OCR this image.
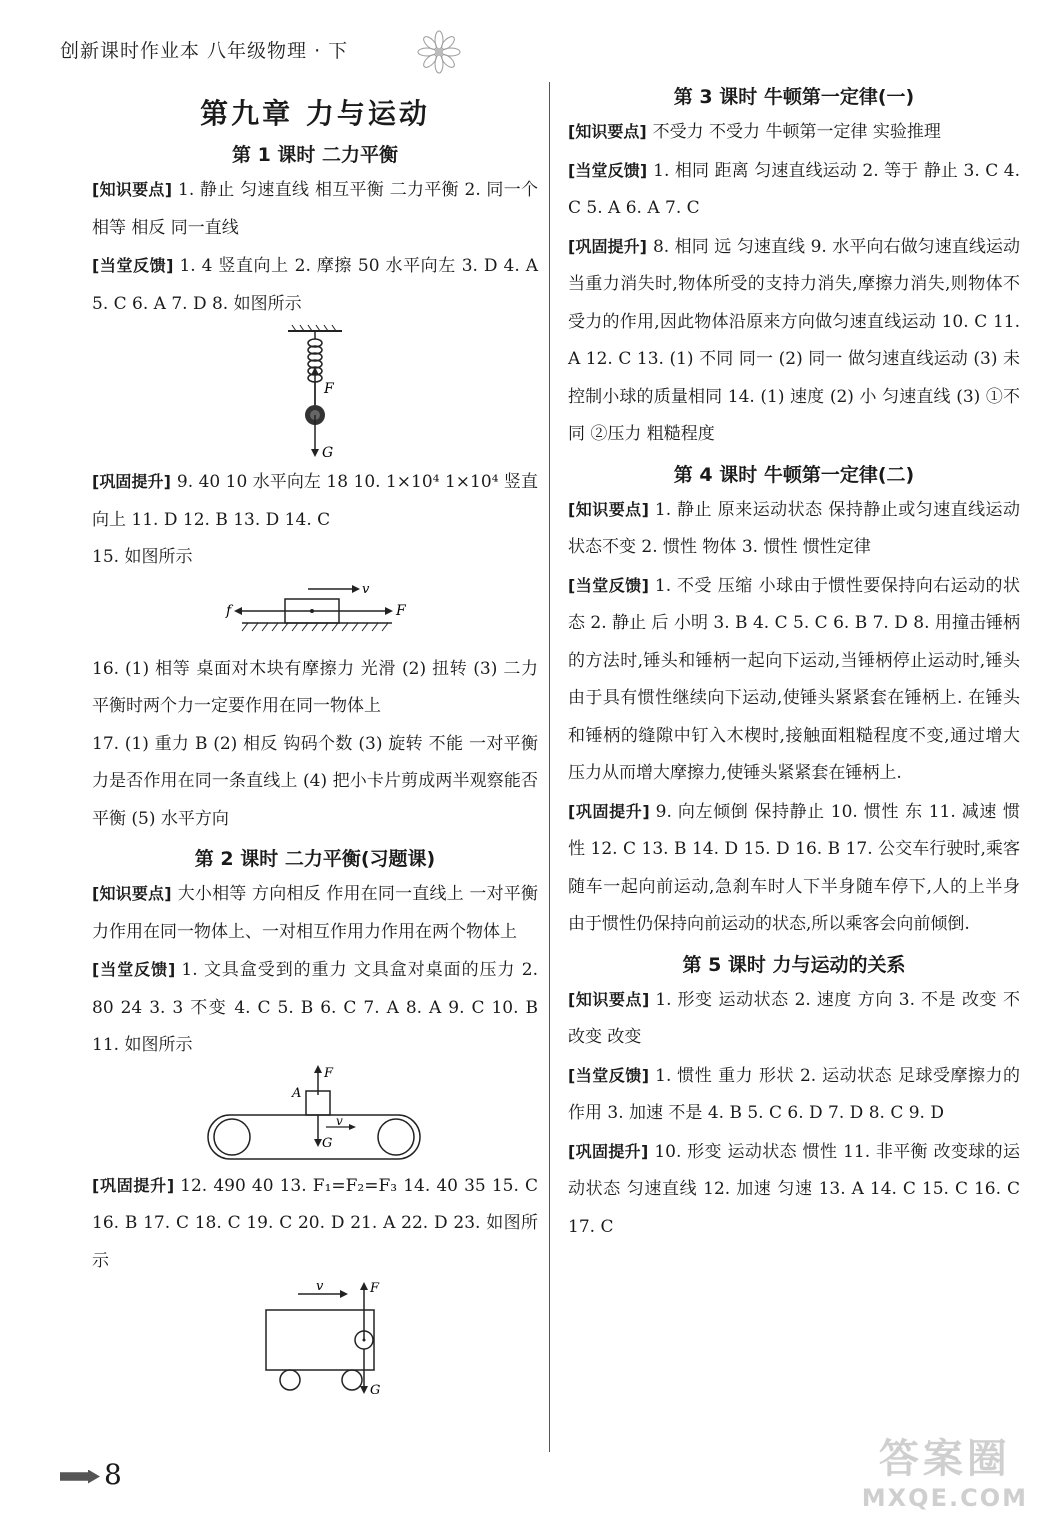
创新课时作业本 八年级物理 · 下
第九章 力与运动
第 1 课时 二力平衡

[知识要点] 1. 静止 匀速直线 相互平衡 二力平衡 2. 同一个 相等 相反 同一直线

[当堂反馈] 1. 4 竖直向上 2. 摩擦 50 水平向左 3. D 4. A 5. C 6. A 7. D 8. 如图所示

F
G

[巩固提升] 9. 40 10 水平向左 18 10. 1×10⁴ 1×10⁴ 竖直向上 11. D 12. B 13. D 14. C

15. 如图所示

v
f	F

16. (1) 相等 桌面对木块有摩擦力 光滑 (2) 扭转 (3) 二力平衡时两个力一定要作用在同一物体上

17. (1) 重力 B (2) 相反 钩码个数 (3) 旋转 不能 一对平衡力是否作用在同一条直线上 (4) 把小卡片剪成两半观察能否平衡 (5) 水平方向

第 2 课时 二力平衡(习题课)

[知识要点] 大小相等 方向相反 作用在同一直线上 一对平衡力作用在同一物体上、一对相互作用力作用在两个物体上

[当堂反馈] 1. 文具盒受到的重力 文具盒对桌面的压力 2. 80 24 3. 3 不变 4. C 5. B 6. C 7. A 8. A 9. C 10. B 11. 如图所示

F
A
G
v

[巩固提升] 12. 490 40 13. F₁=F₂=F₃ 14. 40 35 15. C 16. B 17. C 18. C 19. C 20. D 21. A 22. D 23. 如图所示

v	F
G
第 3 课时 牛顿第一定律(一)

[知识要点] 不受力 不受力 牛顿第一定律 实验推理

[当堂反馈] 1. 相同 距离 匀速直线运动 2. 等于 静止 3. C 4. C 5. A 6. A 7. C

[巩固提升] 8. 相同 远 匀速直线 9. 水平向右做匀速直线运动 当重力消失时,物体所受的支持力消失,摩擦力消失,则物体不受力的作用,因此物体沿原来方向做匀速直线运动 10. C 11. A 12. C 13. (1) 不同 同一 (2) 同一 做匀速直线运动 (3) 未控制小球的质量相同 14. (1) 速度 (2) 小 匀速直线 (3) ①不同 ②压力 粗糙程度

第 4 课时 牛顿第一定律(二)

[知识要点] 1. 静止 原来运动状态 保持静止或匀速直线运动状态不变 2. 惯性 物体 3. 惯性 惯性定律

[当堂反馈] 1. 不受 压缩 小球由于惯性要保持向右运动的状态 2. 静止 后 小明 3. B 4. C 5. C 6. B 7. D 8. 用撞击锤柄的方法时,锤头和锤柄一起向下运动,当锤柄停止运动时,锤头由于具有惯性继续向下运动,使锤头紧紧套在锤柄上. 在锤头和锤柄的缝隙中钉入木楔时,接触面粗糙程度不变,通过增大压力从而增大摩擦力,使锤头紧紧套在锤柄上.

[巩固提升] 9. 向左倾倒 保持静止 10. 惯性 东 11. 减速 惯性 12. C 13. B 14. D 15. D 16. B 17. 公交车行驶时,乘客随车一起向前运动,急刹车时人下半身随车停下,人的上半身由于惯性仍保持向前运动的状态,所以乘客会向前倾倒.

第 5 课时 力与运动的关系

[知识要点] 1. 形变 运动状态 2. 速度 方向 3. 不是 改变 不改变 改变

[当堂反馈] 1. 惯性 重力 形状 2. 运动状态 足球受摩擦力的作用 3. 加速 不是 4. B 5. C 6. D 7. D 8. C 9. D

[巩固提升] 10. 形变 运动状态 惯性 11. 非平衡 改变球的运动状态 匀速直线 12. 加速 匀速 13. A 14. C 15. C 16. C 17. C

8	答案圈
MXQE.COM
